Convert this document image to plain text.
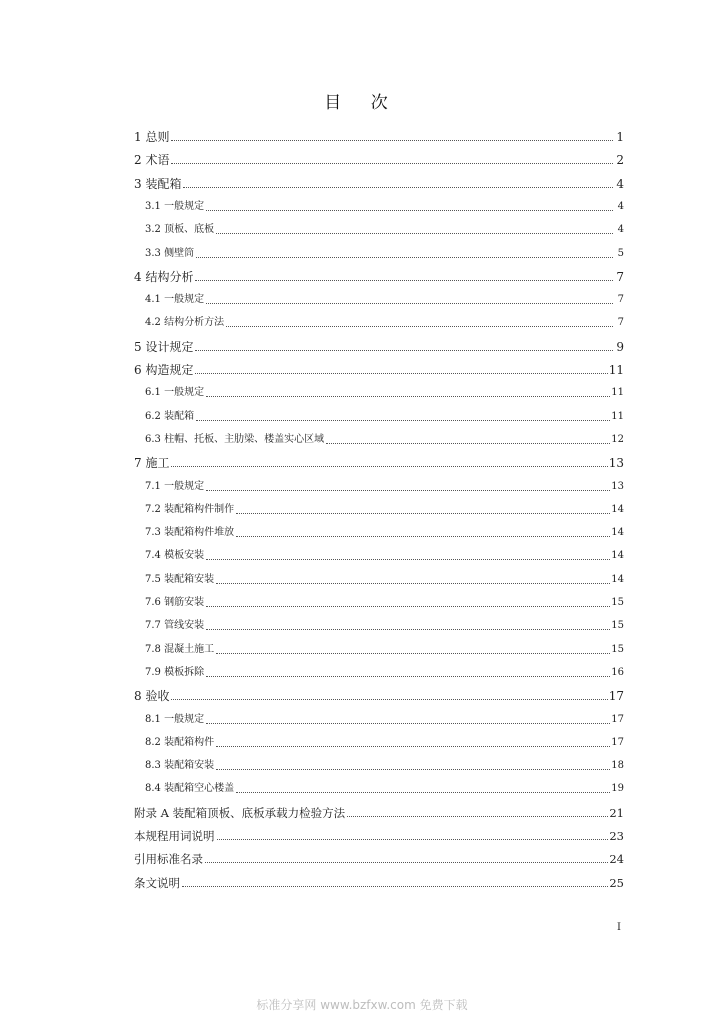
目 次
1 总则	1
2 术语	2
3 装配箱	4
3.1 一般规定	4
3.2 顶板、底板	4
3.3 侧壁筒	5
4 结构分析	7
4.1 一般规定	7
4.2 结构分析方法	7
5 设计规定	9
6 构造规定	11
6.1 一般规定	11
6.2 装配箱	11
6.3 柱帽、托板、主肋梁、楼盖实心区域	12
7 施工	13
7.1 一般规定	13
7.2 装配箱构件制作	14
7.3 装配箱构件堆放	14
7.4 模板安装	14
7.5 装配箱安装	14
7.6 钢筋安装	15
7.7 管线安装	15
7.8 混凝土施工	15
7.9 模板拆除	16
8 验收	17
8.1 一般规定	17
8.2 装配箱构件	17
8.3 装配箱安装	18
8.4 装配箱空心楼盖	19
附录 A 装配箱顶板、底板承载力检验方法	21
本规程用词说明	23
引用标准名录	24
条文说明	25
I
标准分享网 www.bzfxw.com 免费下载
